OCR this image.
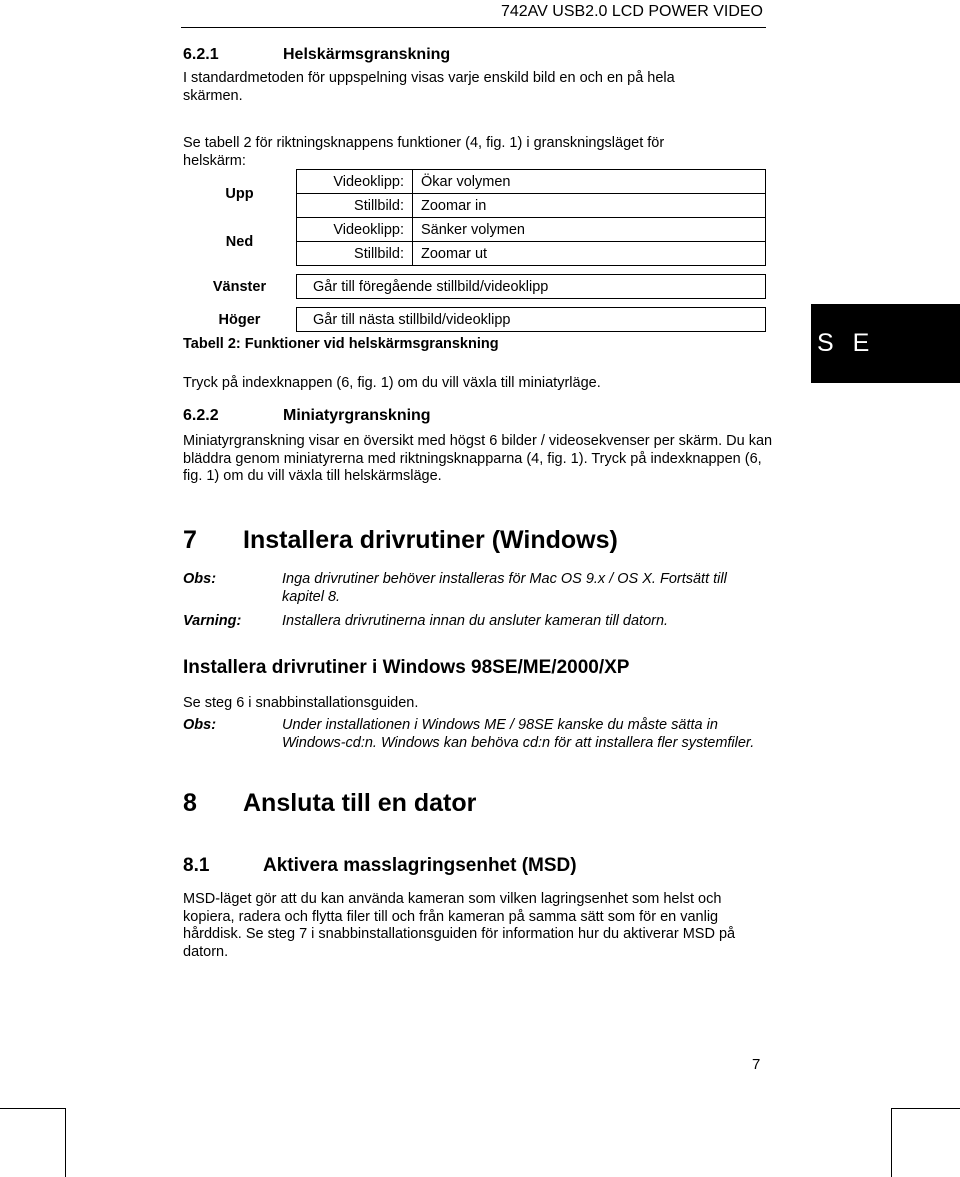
742AV USB2.0 LCD POWER VIDEO
S E
6.2.1	Helskärmsgranskning
I standardmetoden för uppspelning visas varje enskild bild en och en på hela skärmen.
Se tabell 2 för riktningsknappens funktioner (4, fig. 1) i granskningsläget för helskärm:
Upp	Videoklipp:	Ökar volymen
	Stillbild:	Zoomar in
Ned	Videoklipp:	Sänker volymen
	Stillbild:	Zoomar ut

Vänster	Går till föregående stillbild/videoklipp	

Höger	Går till nästa stillbild/videoklipp	
Tabell 2: Funktioner vid helskärmsgranskning
Tryck på indexknappen (6, fig. 1) om du vill växla till miniatyrläge.
6.2.2	Miniatyrgranskning
Miniatyrgranskning visar en översikt med högst 6 bilder / videosekvenser per skärm. Du kan bläddra genom miniatyrerna med riktningsknapparna (4, fig. 1). Tryck på indexknappen (6, fig. 1) om du vill växla till helskärmsläge.
7 Installera drivrutiner (Windows)
Obs:	Inga drivrutiner behöver installeras för Mac OS 9.x / OS X. Fortsätt till kapitel 8.
Varning:	Installera drivrutinerna innan du ansluter kameran till datorn.
Installera drivrutiner i Windows 98SE/ME/2000/XP
Se steg 6 i snabbinstallationsguiden.
Obs:	Under installationen i Windows ME / 98SE kanske du måste sätta in Windows-cd:n. Windows kan behöva cd:n för att installera fler systemfiler.
8 Ansluta till en dator
8.1	Aktivera masslagringsenhet (MSD)
MSD-läget gör att du kan använda kameran som vilken lagringsenhet som helst och kopiera, radera och flytta filer till och från kameran på samma sätt som för en vanlig hårddisk. Se steg 7 i snabbinstallationsguiden för information hur du aktiverar MSD på datorn.
7
